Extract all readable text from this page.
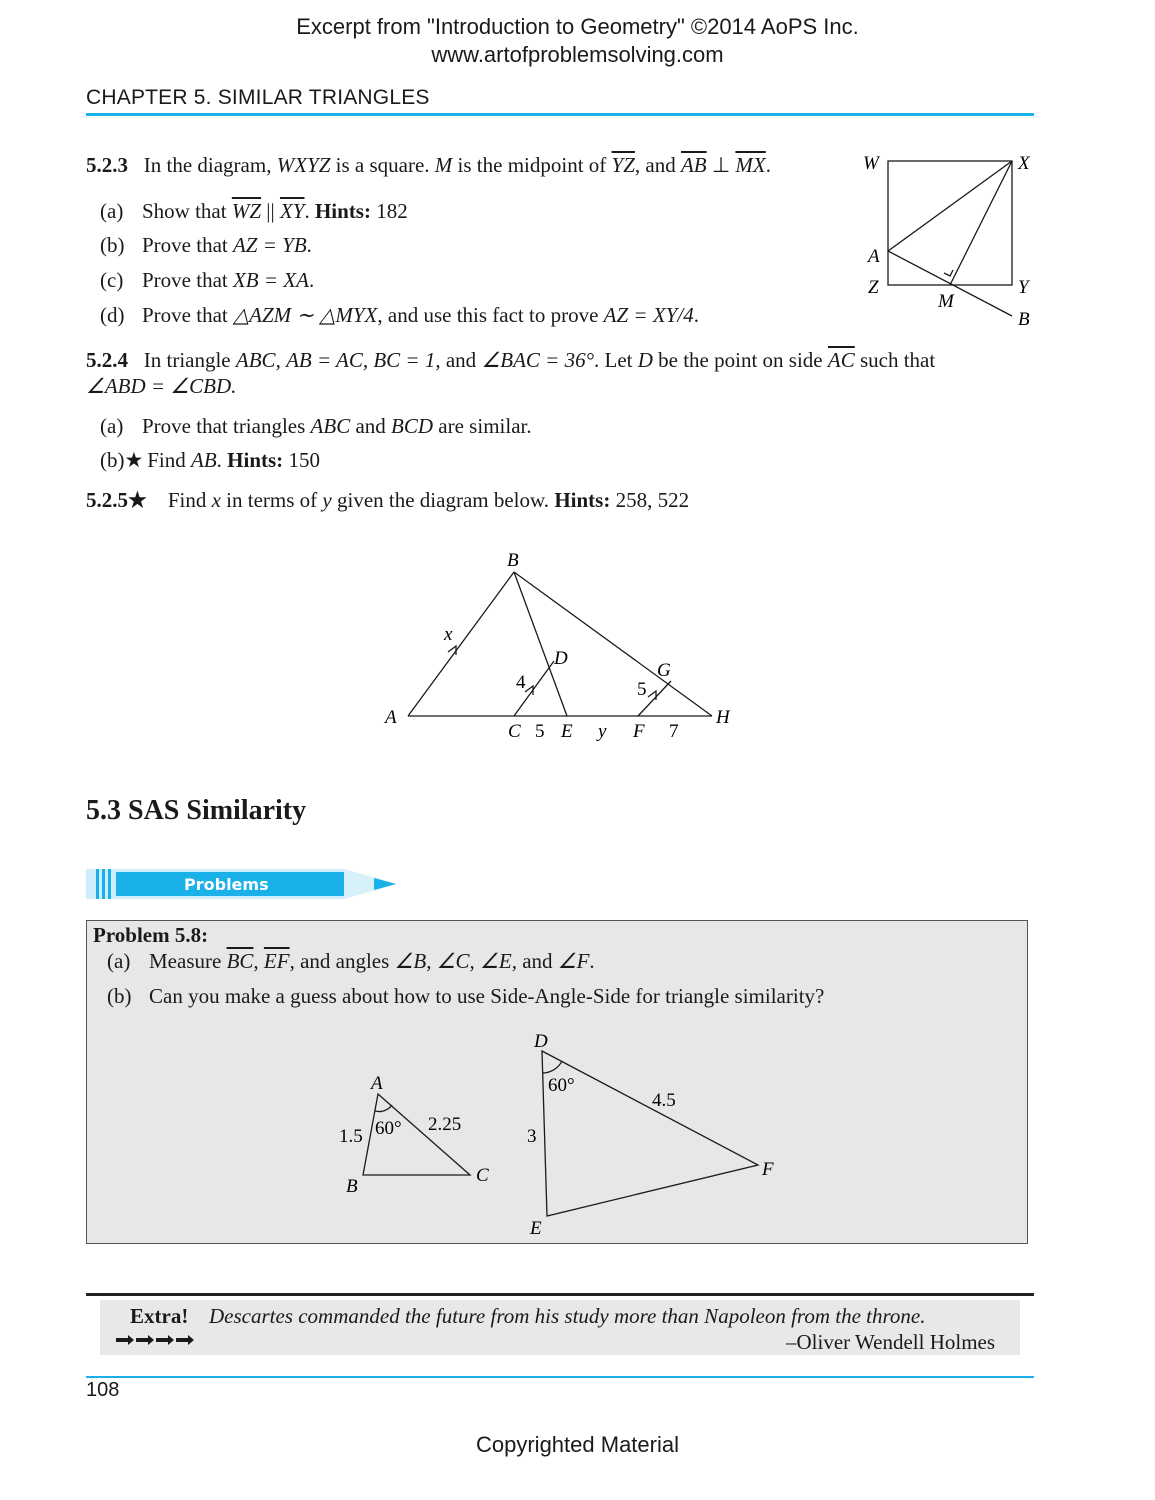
Excerpt from "Introduction to Geometry" ©2014 AoPS Inc.
www.artofproblemsolving.com
CHAPTER 5. SIMILAR TRIANGLES
5.2.3 In the diagram, WXYZ is a square. M is the midpoint of $\overline{YZ}$, and $\overline{AB}$ ⊥ $\overline{MX}$.
(a) Show that $\overline{WZ}$ || $\overline{XY}$. Hints: 182
(b) Prove that AZ = YB.
(c) Prove that XB = XA.
(d) Prove that △AZM ∼ △MYX, and use this fact to prove AZ = XY/4.
W	X
A
Z
M
Y
B
5.2.4 In triangle ABC, AB = AC, BC = 1, and ∠BAC = 36°. Let D be the point on side $\overline{AC}$ such that
∠ABD = ∠CBD.
(a) Prove that triangles ABC and BCD are similar.
(b)★ Find AB. Hints: 150
5.2.5★ Find x in terms of y given the diagram below. Hints: 258, 522
B
x
D
G
4	5
A	H
C 5 E y F 7
5.3 SAS Similarity
Problems
Problem 5.8:
(a) Measure $\overline{BC}$, $\overline{EF}$, and angles ∠B, ∠C, ∠E, and ∠F.
(b) Can you make a guess about how to use Side-Angle-Side for triangle similarity?
A
B
C
1.5 60° 2.25
D
E
F
3
60°
4.5
Extra! Descartes commanded the future from his study more than Napoleon from the throne.
–Oliver Wendell Holmes
108
Copyrighted Material
